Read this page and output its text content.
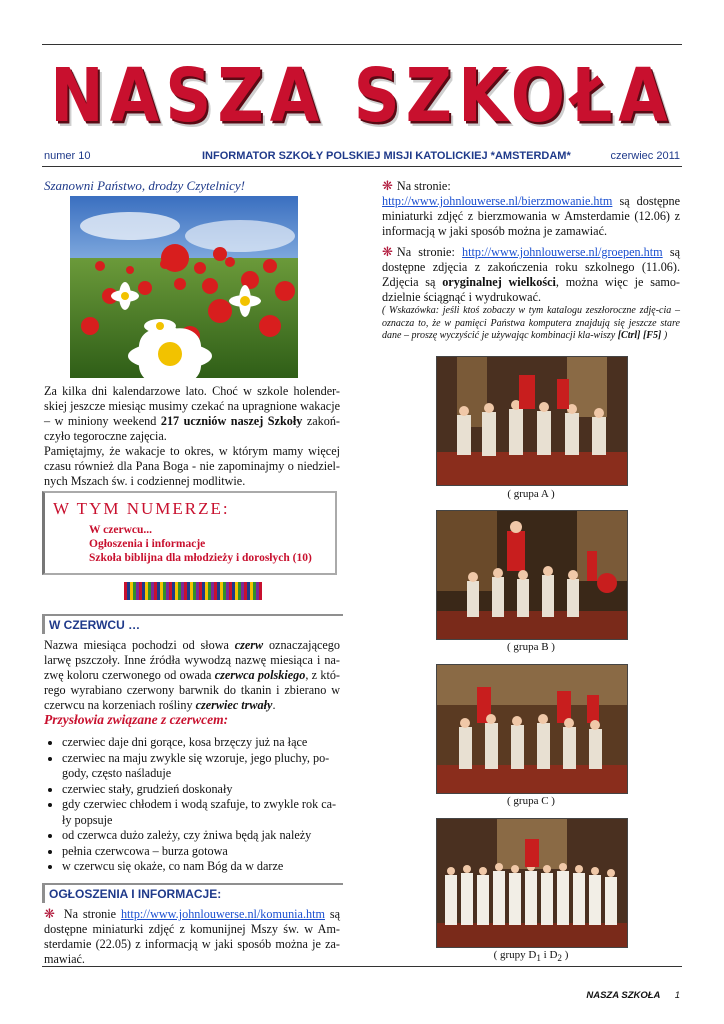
NASZA SZKOŁA
numer 10	INFORMATOR SZKOŁY POLSKIEJ MISJI KATOLICKIEJ *AMSTERDAM*	czerwiec 2011
Szanowni Państwo, drodzy Czytelnicy!

Za kilka dni kalendarzowe lato. Choć w szkole holender-skiej jeszcze miesiąc musimy czekać na upragnione wakacje – w miniony weekend 217 uczniów naszej Szkoły zakoń-czyło tegoroczne zajęcia.

Pamiętajmy, że wakacje to okres, w którym mamy więcej czasu również dla Pana Boga - nie zapominajmy o niedziel-nych Mszach św. i codziennej modlitwie.

W TYM NUMERZE:
W czerwcu...
Ogłoszenia i informacje
Szkoła biblijna dla młodzieży i dorosłych (10)
W CZERWCU …

Nazwa miesiąca pochodzi od słowa czerw oznaczającego larwę pszczoły. Inne źródła wywodzą nazwę miesiąca i na-zwę koloru czerwonego od owada czerwca polskiego, z któ-rego wyrabiano czerwony barwnik do tkanin i zbierano w czerwcu na korzeniach rośliny czerwiec trwały.

Przysłowia związane z czerwcem:
• czerwiec daje dni gorące, kosa brzęczy już na łące
• czerwiec na maju zwykle się wzoruje, jego pluchy, po-gody, często naśladuje
• czerwiec stały, grudzień doskonały
• gdy czerwiec chłodem i wodą szafuje, to zwykle rok ca-ły popsuje
• od czerwca dużo zależy, czy żniwa będą jak należy
• pełnia czerwcowa – burza gotowa
• w czerwcu się okaże, co nam Bóg da w darze
OGŁOSZENIA I INFORMACJE:

❋ Na stronie http://www.johnlouwerse.nl/komunia.htm są dostępne miniaturki zdjęć z komunijnej Mszy św. w Am-sterdamie (22.05) z informacją w jaki sposób można je za-mawiać.

❋ Na stronie:
http://www.johnlouwerse.nl/bierzmowanie.htm są dostępne miniaturki zdjęć z bierzmowania w Amsterdamie (12.06) z informacją w jaki sposób można je zamawiać.

❋ Na stronie: http://www.johnlouwerse.nl/groepen.htm są dostępne zdjęcia z zakończenia roku szkolnego (11.06). Zdjęcia są oryginalnej wielkości, można więc je samo-dzielnie ściągnąć i wydrukować.

( Wskazówka: jeśli ktoś zobaczy w tym katalogu zeszłoroczne zdję-cia – oznacza to, że w pamięci Państwa komputera znajdują się jeszcze stare dane – proszę wyczyścić je używając kombinacji kla-wiszy [Ctrl] [F5] )

( grupa A )
( grupa B )
( grupa C )
( grupy $D_1$ i $D_2$ )
NASZA SZKOŁA 1
